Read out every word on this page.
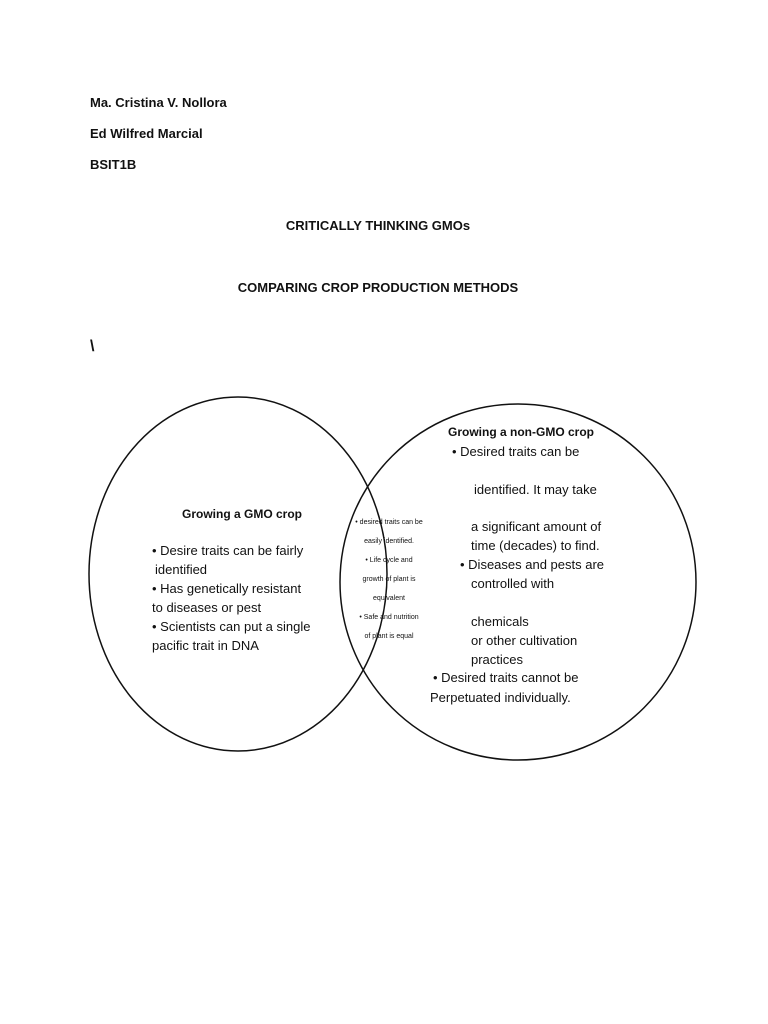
Ma. Cristina V. Nollora
Ed Wilfred Marcial
BSIT1B
CRITICALLY THINKING GMOs
COMPARING CROP PRODUCTION METHODS
\
Growing a GMO crop
• Desire traits can be fairly
identified
• Has genetically resistant
to diseases or pest
• Scientists can put a single
pacific trait in DNA
• desired traits can be
easily identified.
• Life cycle and
growth of plant is
equivalent
• Safe and nutrition
of plant is equal
Growing a non-GMO crop
• Desired traits can be
identified. It may take
a significant amount of
time (decades) to find.
• Diseases and pests are
controlled with
chemicals
or other cultivation
practices
• Desired traits cannot be
Perpetuated individually.
